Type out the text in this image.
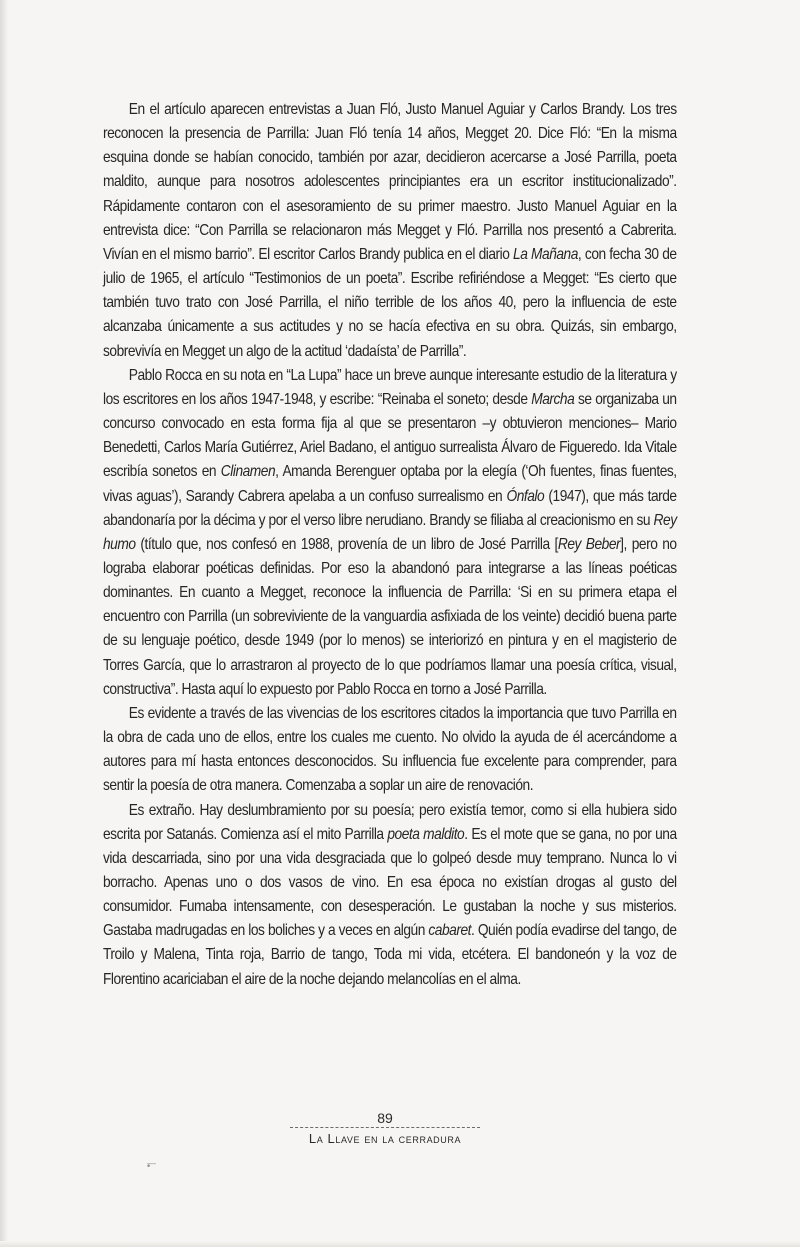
En el artículo aparecen entrevistas a Juan Fló, Justo Manuel Aguiar y Carlos Brandy. Los tres reconocen la presencia de Parrilla: Juan Fló tenía 14 años, Megget 20. Dice Fló: “En la misma esquina donde se habían conocido, también por azar, decidieron acercarse a José Parrilla, poeta maldito, aunque para nosotros adolescentes principiantes era un escritor institucionalizado”. Rápidamente contaron con el asesoramiento de su primer maestro. Justo Manuel Aguiar en la entrevista dice: “Con Parrilla se relacionaron más Megget y Fló. Parrilla nos presentó a Cabrerita. Vivían en el mismo barrio”. El escritor Carlos Brandy publica en el diario La Mañana, con fecha 30 de julio de 1965, el artículo “Testimonios de un poeta”. Escribe refiriéndose a Megget: “Es cierto que también tuvo trato con José Parrilla, el niño terrible de los años 40, pero la influencia de este alcanzaba únicamente a sus actitudes y no se hacía efectiva en su obra. Quizás, sin embargo, sobrevivía en Megget un algo de la actitud ‘dadaísta’ de Parrilla”.

Pablo Rocca en su nota en “La Lupa” hace un breve aunque interesante estudio de la literatura y los escritores en los años 1947-1948, y escribe: “Reinaba el soneto; desde Marcha se organizaba un concurso convocado en esta forma fija al que se presentaron –y obtuvieron menciones– Mario Benedetti, Carlos María Gutiérrez, Ariel Badano, el antiguo surrealista Álvaro de Figueredo. Ida Vitale escribía sonetos en Clinamen, Amanda Berenguer optaba por la elegía (‘Oh fuentes, finas fuentes, vivas aguas’), Sarandy Cabrera apelaba a un confuso surrealismo en Ónfalo (1947), que más tarde abandonaría por la décima y por el verso libre nerudiano. Brandy se filiaba al creacionismo en su Rey humo (título que, nos confesó en 1988, provenía de un libro de José Parrilla [Rey Beber], pero no lograba elaborar poéticas definidas. Por eso la abandonó para integrarse a las líneas poéticas dominantes. En cuanto a Megget, reconoce la influencia de Parrilla: ‘Si en su primera etapa el encuentro con Parrilla (un sobreviviente de la vanguardia asfixiada de los veinte) decidió buena parte de su lenguaje poético, desde 1949 (por lo menos) se interiorizó en pintura y en el magisterio de Torres García, que lo arrastraron al proyecto de lo que podríamos llamar una poesía crítica, visual, constructiva”. Hasta aquí lo expuesto por Pablo Rocca en torno a José Parrilla.

Es evidente a través de las vivencias de los escritores citados la importancia que tuvo Parrilla en la obra de cada uno de ellos, entre los cuales me cuento. No olvido la ayuda de él acercándome a autores para mí hasta entonces desconocidos. Su influencia fue excelente para comprender, para sentir la poesía de otra manera. Comenzaba a soplar un aire de renovación.

Es extraño. Hay deslumbramiento por su poesía; pero existía temor, como si ella hubiera sido escrita por Satanás. Comienza así el mito Parrilla poeta maldito. Es el mote que se gana, no por una vida descarriada, sino por una vida desgraciada que lo golpeó desde muy temprano. Nunca lo vi borracho. Apenas uno o dos vasos de vino. En esa época no existían drogas al gusto del consumidor. Fumaba intensamente, con desesperación. Le gustaban la noche y sus misterios. Gastaba madrugadas en los boliches y a veces en algún cabaret. Quién podía evadirse del tango, de Troilo y Malena, Tinta roja, Barrio de tango, Toda mi vida, etcétera. El bandoneón y la voz de Florentino acariciaban el aire de la noche dejando melancolías en el alma.

89
La Llave en la cerradura
—•
